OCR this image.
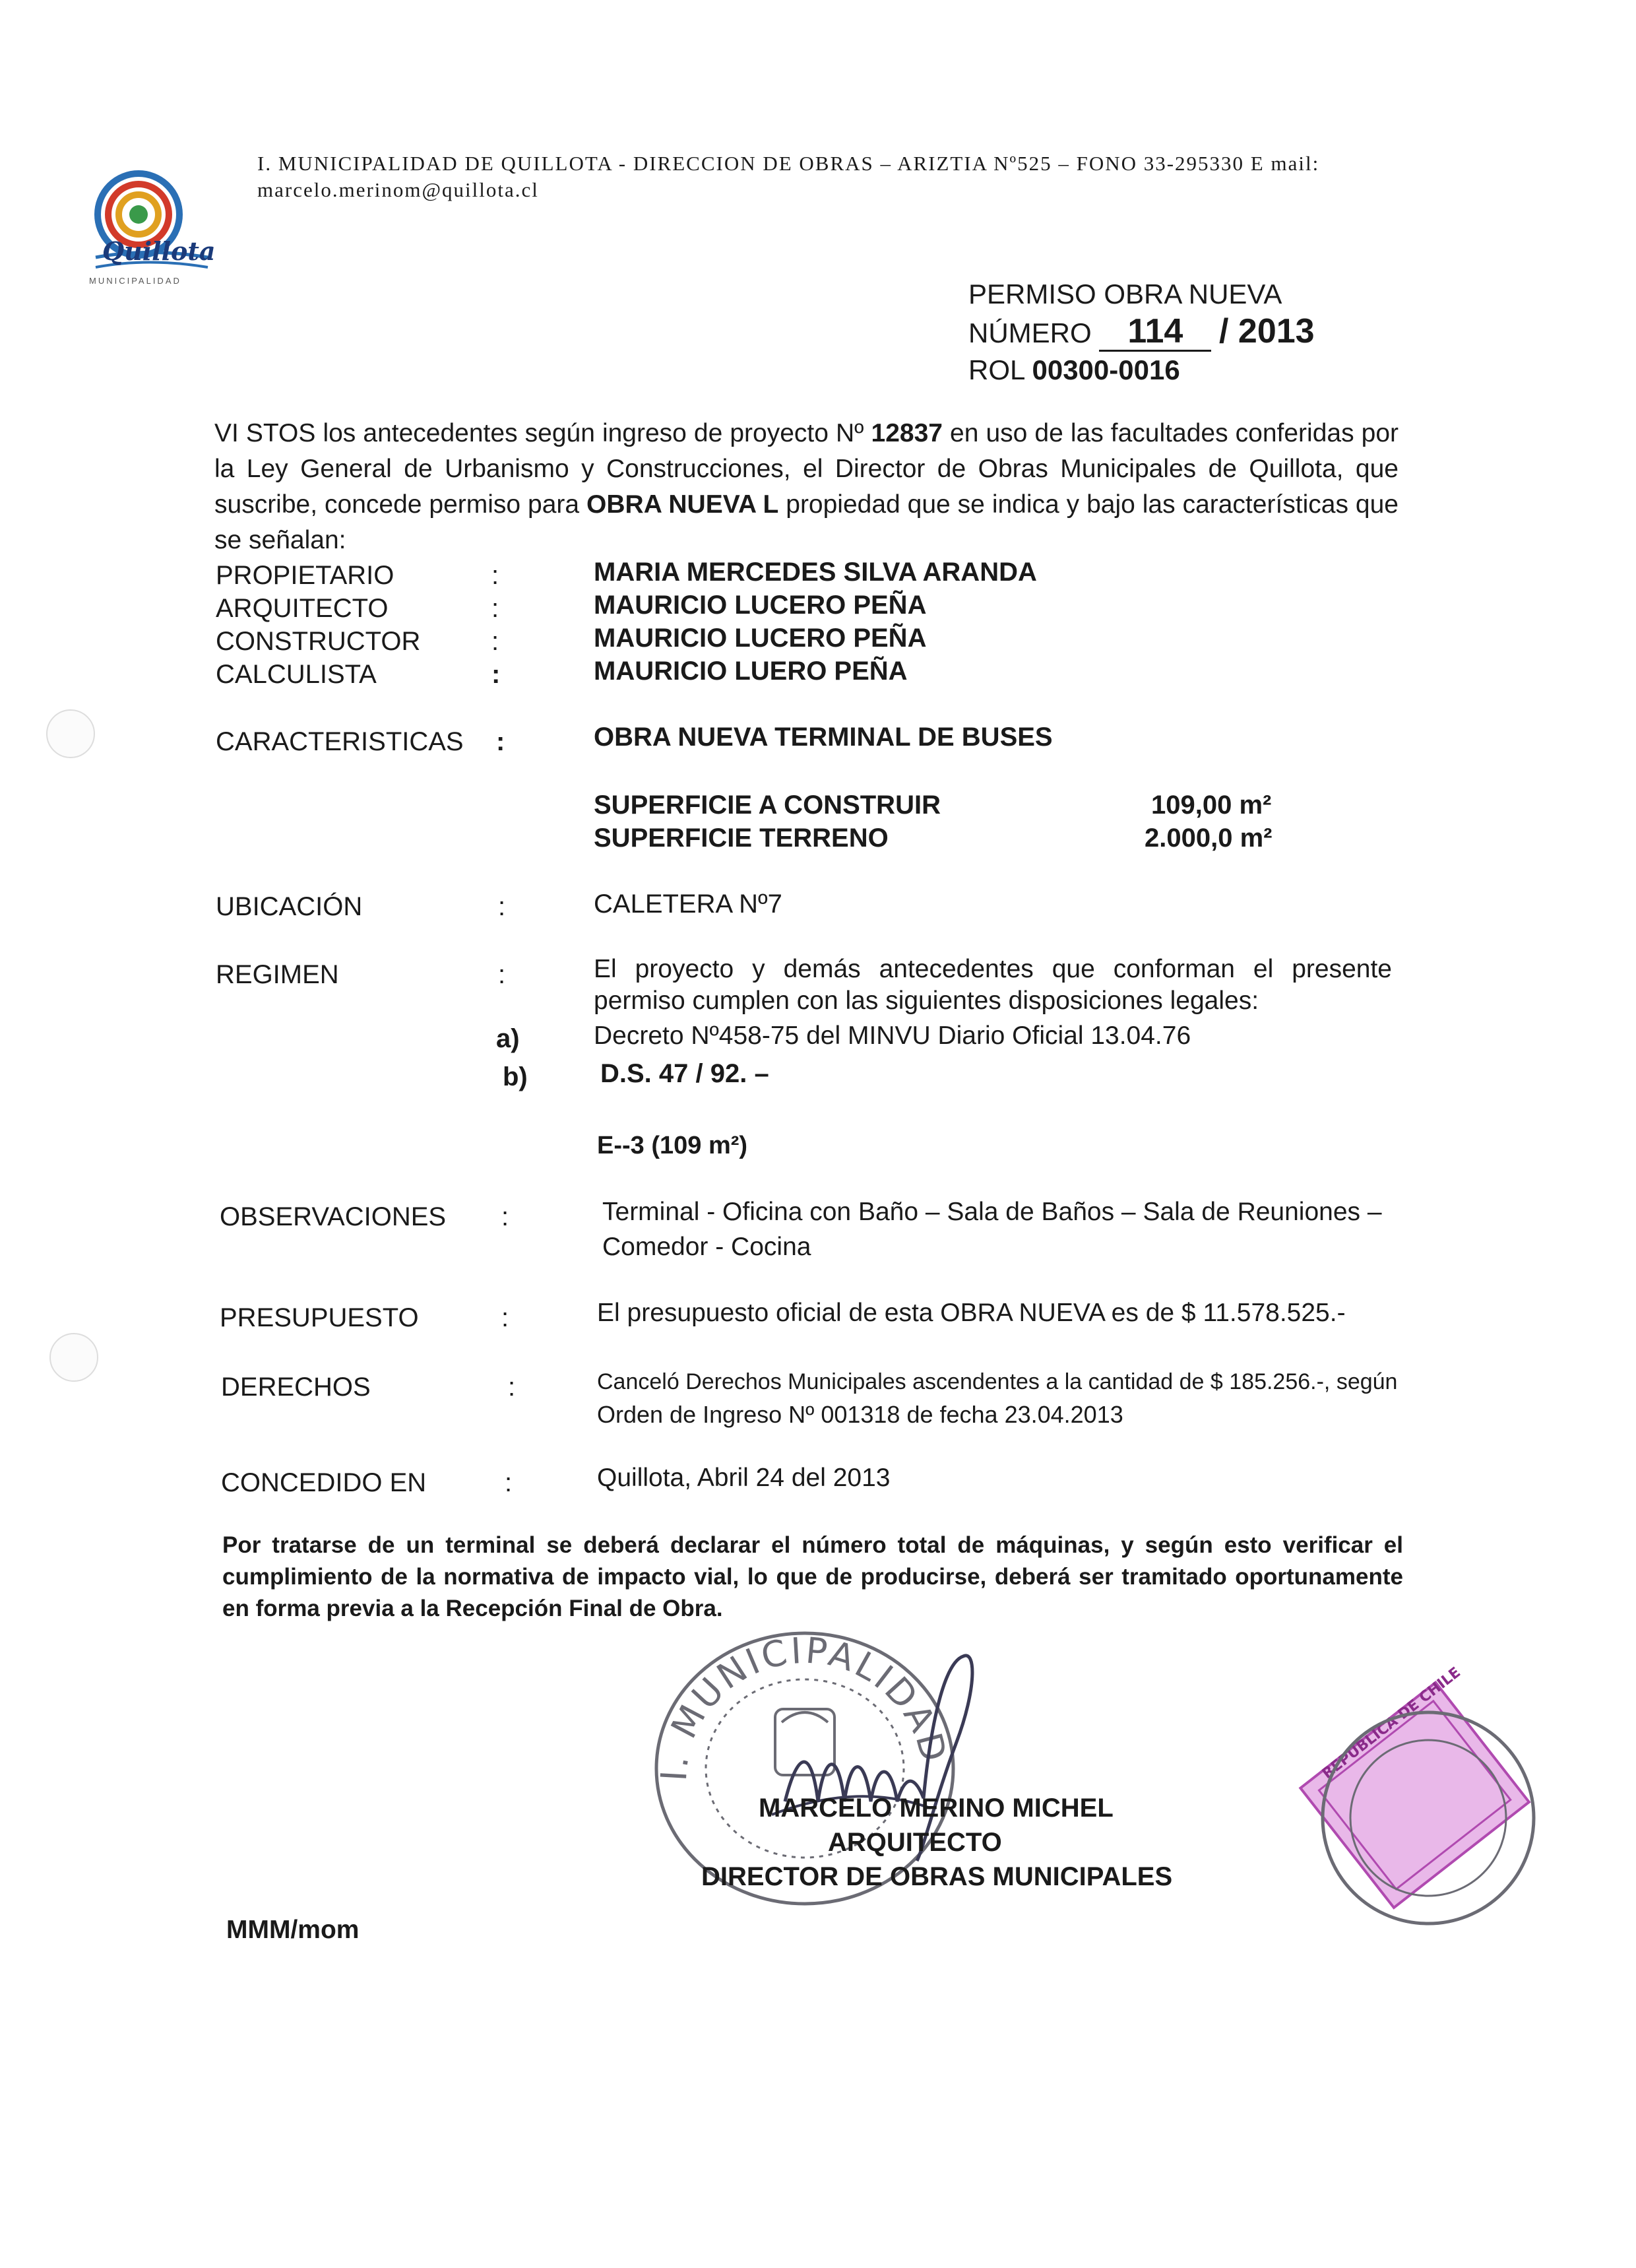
Quillota
MUNICIPALIDAD
I. MUNICIPALIDAD DE QUILLOTA - DIRECCION DE OBRAS – ARIZTIA Nº525 – FONO 33-295330 E mail:
marcelo.merinom@quillota.cl
PERMISO OBRA NUEVA
NÚMERO 114 / 2013
ROL 00300-0016
VI STOS los antecedentes según ingreso de proyecto Nº 12837 en uso de las facultades conferidas por la Ley General de Urbanismo y Construcciones, el Director de Obras Municipales de Quillota, que suscribe, concede permiso para OBRA NUEVA L propiedad que se indica y bajo las características que se señalan:
PROPIETARIO	:	MARIA MERCEDES SILVA ARANDA
ARQUITECTO	:	MAURICIO LUCERO PEÑA
CONSTRUCTOR	:	MAURICIO LUCERO PEÑA
CALCULISTA	:	MAURICIO LUERO PEÑA
CARACTERISTICAS :	OBRA NUEVA TERMINAL DE BUSES
SUPERFICIE A CONSTRUIR	109,00 m²
SUPERFICIE TERRENO	2.000,0 m²
UBICACIÓN	:	CALETERA Nº7
REGIMEN	:	El proyecto y demás antecedentes que conforman el presente permiso cumplen con las siguientes disposiciones legales:
a)	Decreto Nº458-75 del MINVU Diario Oficial 13.04.76
b)	D.S. 47 / 92. –
E--3 (109 m²)
OBSERVACIONES :	Terminal - Oficina con Baño – Sala de Baños – Sala de Reuniones –
Comedor - Cocina
PRESUPUESTO	:	El presupuesto oficial de esta OBRA NUEVA es de $ 11.578.525.-
DERECHOS	:	Canceló Derechos Municipales ascendentes a la cantidad de $ 185.256.-, según
Orden de Ingreso Nº 001318 de fecha 23.04.2013
CONCEDIDO EN	:	Quillota, Abril 24 del 2013
Por tratarse de un terminal se deberá declarar el número total de máquinas, y según esto verificar el cumplimiento de la normativa de impacto vial, lo que de producirse, deberá ser tramitado oportunamente en forma previa a la Recepción Final de Obra.
I. MUNICIPALIDAD
MARCELO MERINO MICHEL
ARQUITECTO
DIRECTOR DE OBRAS MUNICIPALES
REPUBLICA DE CHILE
MMM/mom
